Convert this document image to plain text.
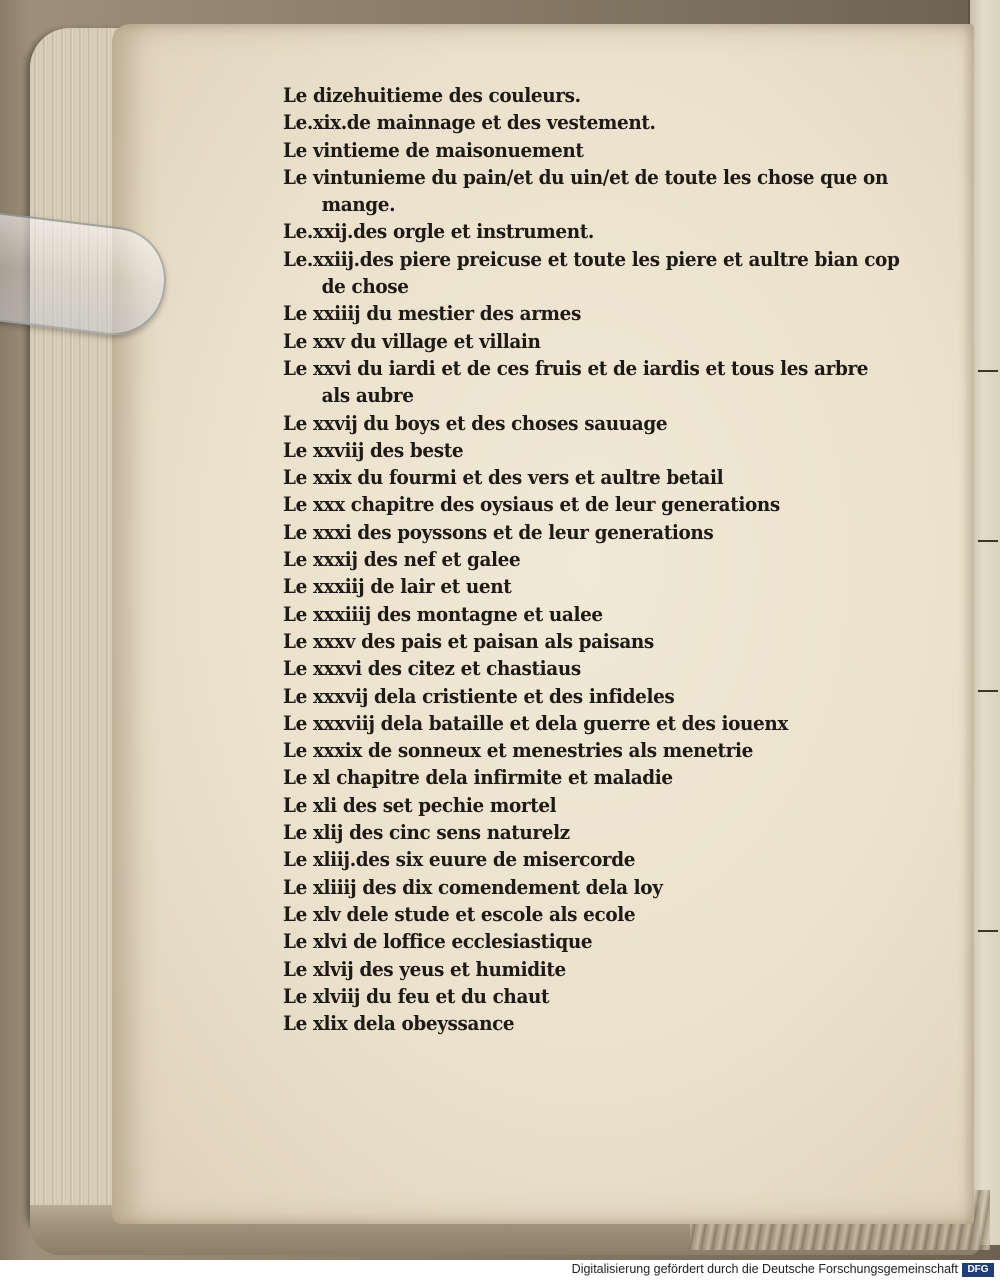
Le dizehuitieme des couleurs.
Le.xix.de mainnage et des vestement.
Le vintieme de maisonuement
Le vintunieme du pain/et du uin/et de toute les chose que on
mange.
Le.xxij.des orgle et instrument.
Le.xxiij.des piere preicuse et toute les piere et aultre bian cop
de chose
Le xxiiij du mestier des armes
Le xxv du village et villain
Le xxvi du iardi et de ces fruis et de iardis et tous les arbre
als aubre
Le xxvij du boys et des choses sauuage
Le xxviij des beste
Le xxix du fourmi et des vers et aultre betail
Le xxx chapitre des oysiaus et de leur generations
Le xxxi des poyssons et de leur generations
Le xxxij des nef et galee
Le xxxiij de lair et uent
Le xxxiiij des montagne et ualee
Le xxxv des pais et paisan als paisans
Le xxxvi des citez et chastiaus
Le xxxvij dela cristiente et des infideles
Le xxxviij dela bataille et dela guerre et des iouenx
Le xxxix de sonneux et menestries als menetrie
Le xl chapitre dela infirmite et maladie
Le xli des set pechie mortel
Le xlij des cinc sens naturelz
Le xliij.des six euure de misercorde
Le xliiij des dix comendement dela loy
Le xlv dele stude et escole als ecole
Le xlvi de loffice ecclesiastique
Le xlvij des yeus et humidite
Le xlviij du feu et du chaut
Le xlix dela obeyssance
Digitalisierung gefördert durch die Deutsche Forschungsgemeinschaft DFG
